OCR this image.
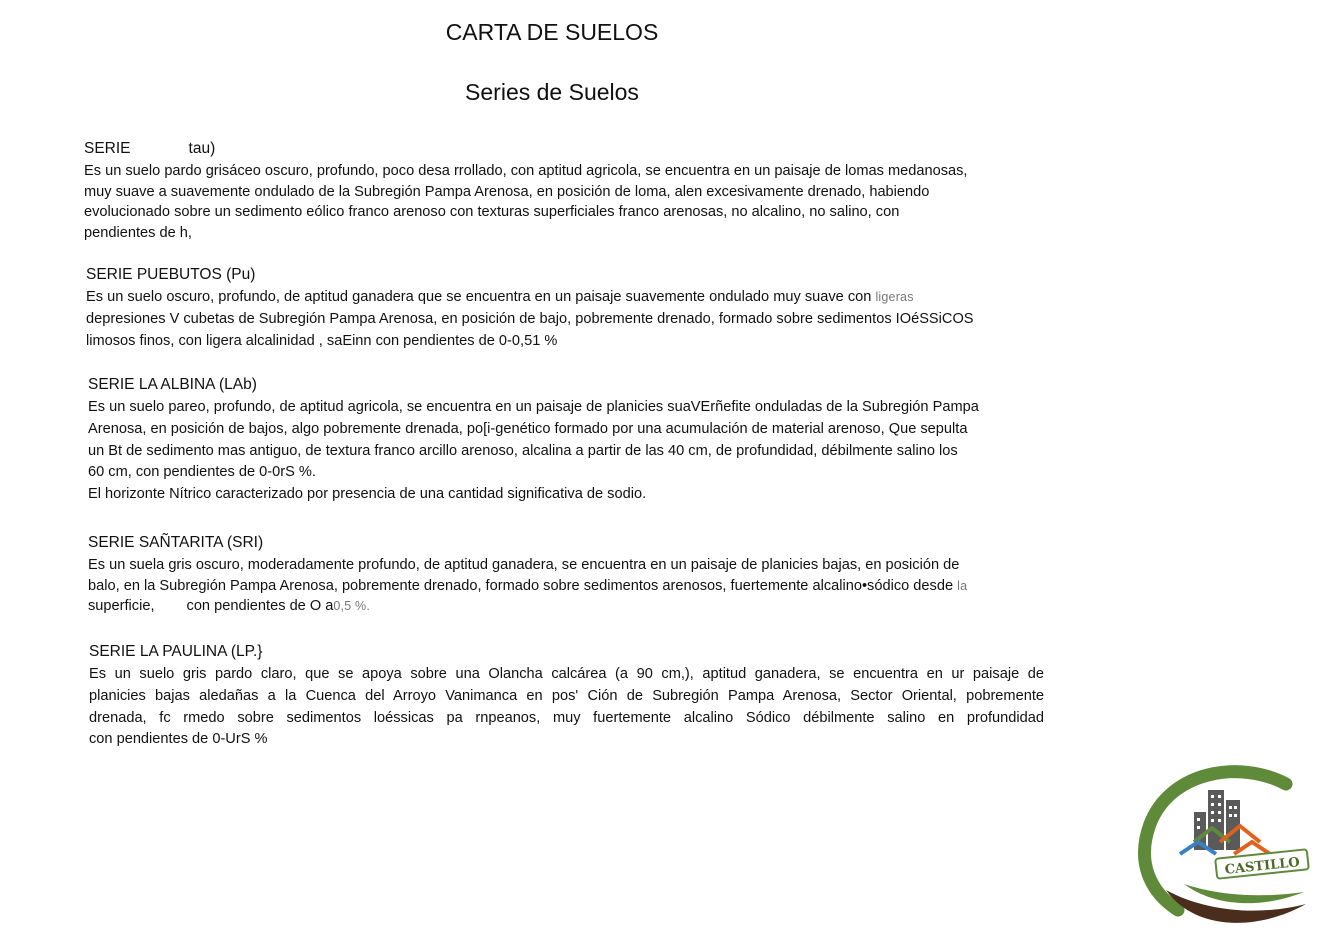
CARTA DE SUELOS
Series de Suelos
SERIE	tau)

Es un suelo pardo grisáceo oscuro, profundo, poco desa rrollado, con aptitud agricola, se encuentra en un paisaje de lomas medanosas,
muy suave a suavemente ondulado de la Subregión Pampa Arenosa, en posición de loma, alen excesivamente drenado, habiendo
evolucionado sobre un sedimento eólico franco arenoso con texturas superficiales franco arenosas, no alcalino, no salino, con
pendientes de h,

SERIE PUEBUTOS (Pu)

Es un suelo oscuro, profundo, de aptitud ganadera que se encuentra en un paisaje suavemente ondulado muy suave con ligeras
depresiones V cubetas de Subregión Pampa Arenosa, en posición de bajo, pobremente drenado, formado sobre sedimentos IOéSSiCOS
limosos finos, con ligera alcalinidad , saEinn con pendientes de 0-0,51 %

SERIE LA ALBINA (LAb)

Es un suelo pareo, profundo, de aptitud agricola, se encuentra en un paisaje de planicies suaVErñefite onduladas de la Subregión Pampa
Arenosa, en posición de bajos, algo pobremente drenada, po[i-genético formado por una acumulación de material arenoso, Que sepulta
un Bt de sedimento mas antiguo, de textura franco arcillo arenoso, alcalina a partir de las 40 cm, de profundidad, débilmente salino los
60 cm, con pendientes de 0-0rS %.
El horizonte Nítrico caracterizado por presencia de una cantidad significativa de sodio.

SERIE SAÑTARITA (SRI)

Es un suela gris oscuro, moderadamente profundo, de aptitud ganadera, se encuentra en un paisaje de planicies bajas, en posición de
balo, en la Subregión Pampa Arenosa, pobremente drenado, formado sobre sedimentos arenosos, fuertemente alcalino•sódico desde la
superficie, con pendientes de O a0,5 %.

SERIE LA PAULINA (LP.}

Es un suelo gris pardo claro, que se apoya sobre una Olancha calcárea (a 90 cm,), aptitud ganadera, se encuentra en ur paisaje de
planicies bajas aledañas a la Cuenca del Arroyo Vanimanca en pos' Ción de Subregión Pampa Arenosa, Sector Oriental, pobremente
drenada, fc rmedo sobre sedimentos loéssicas pa rnpeanos, muy fuertemente alcalino Sódico débilmente salino en profundidad
con pendientes de 0-UrS %

CASTILLO
